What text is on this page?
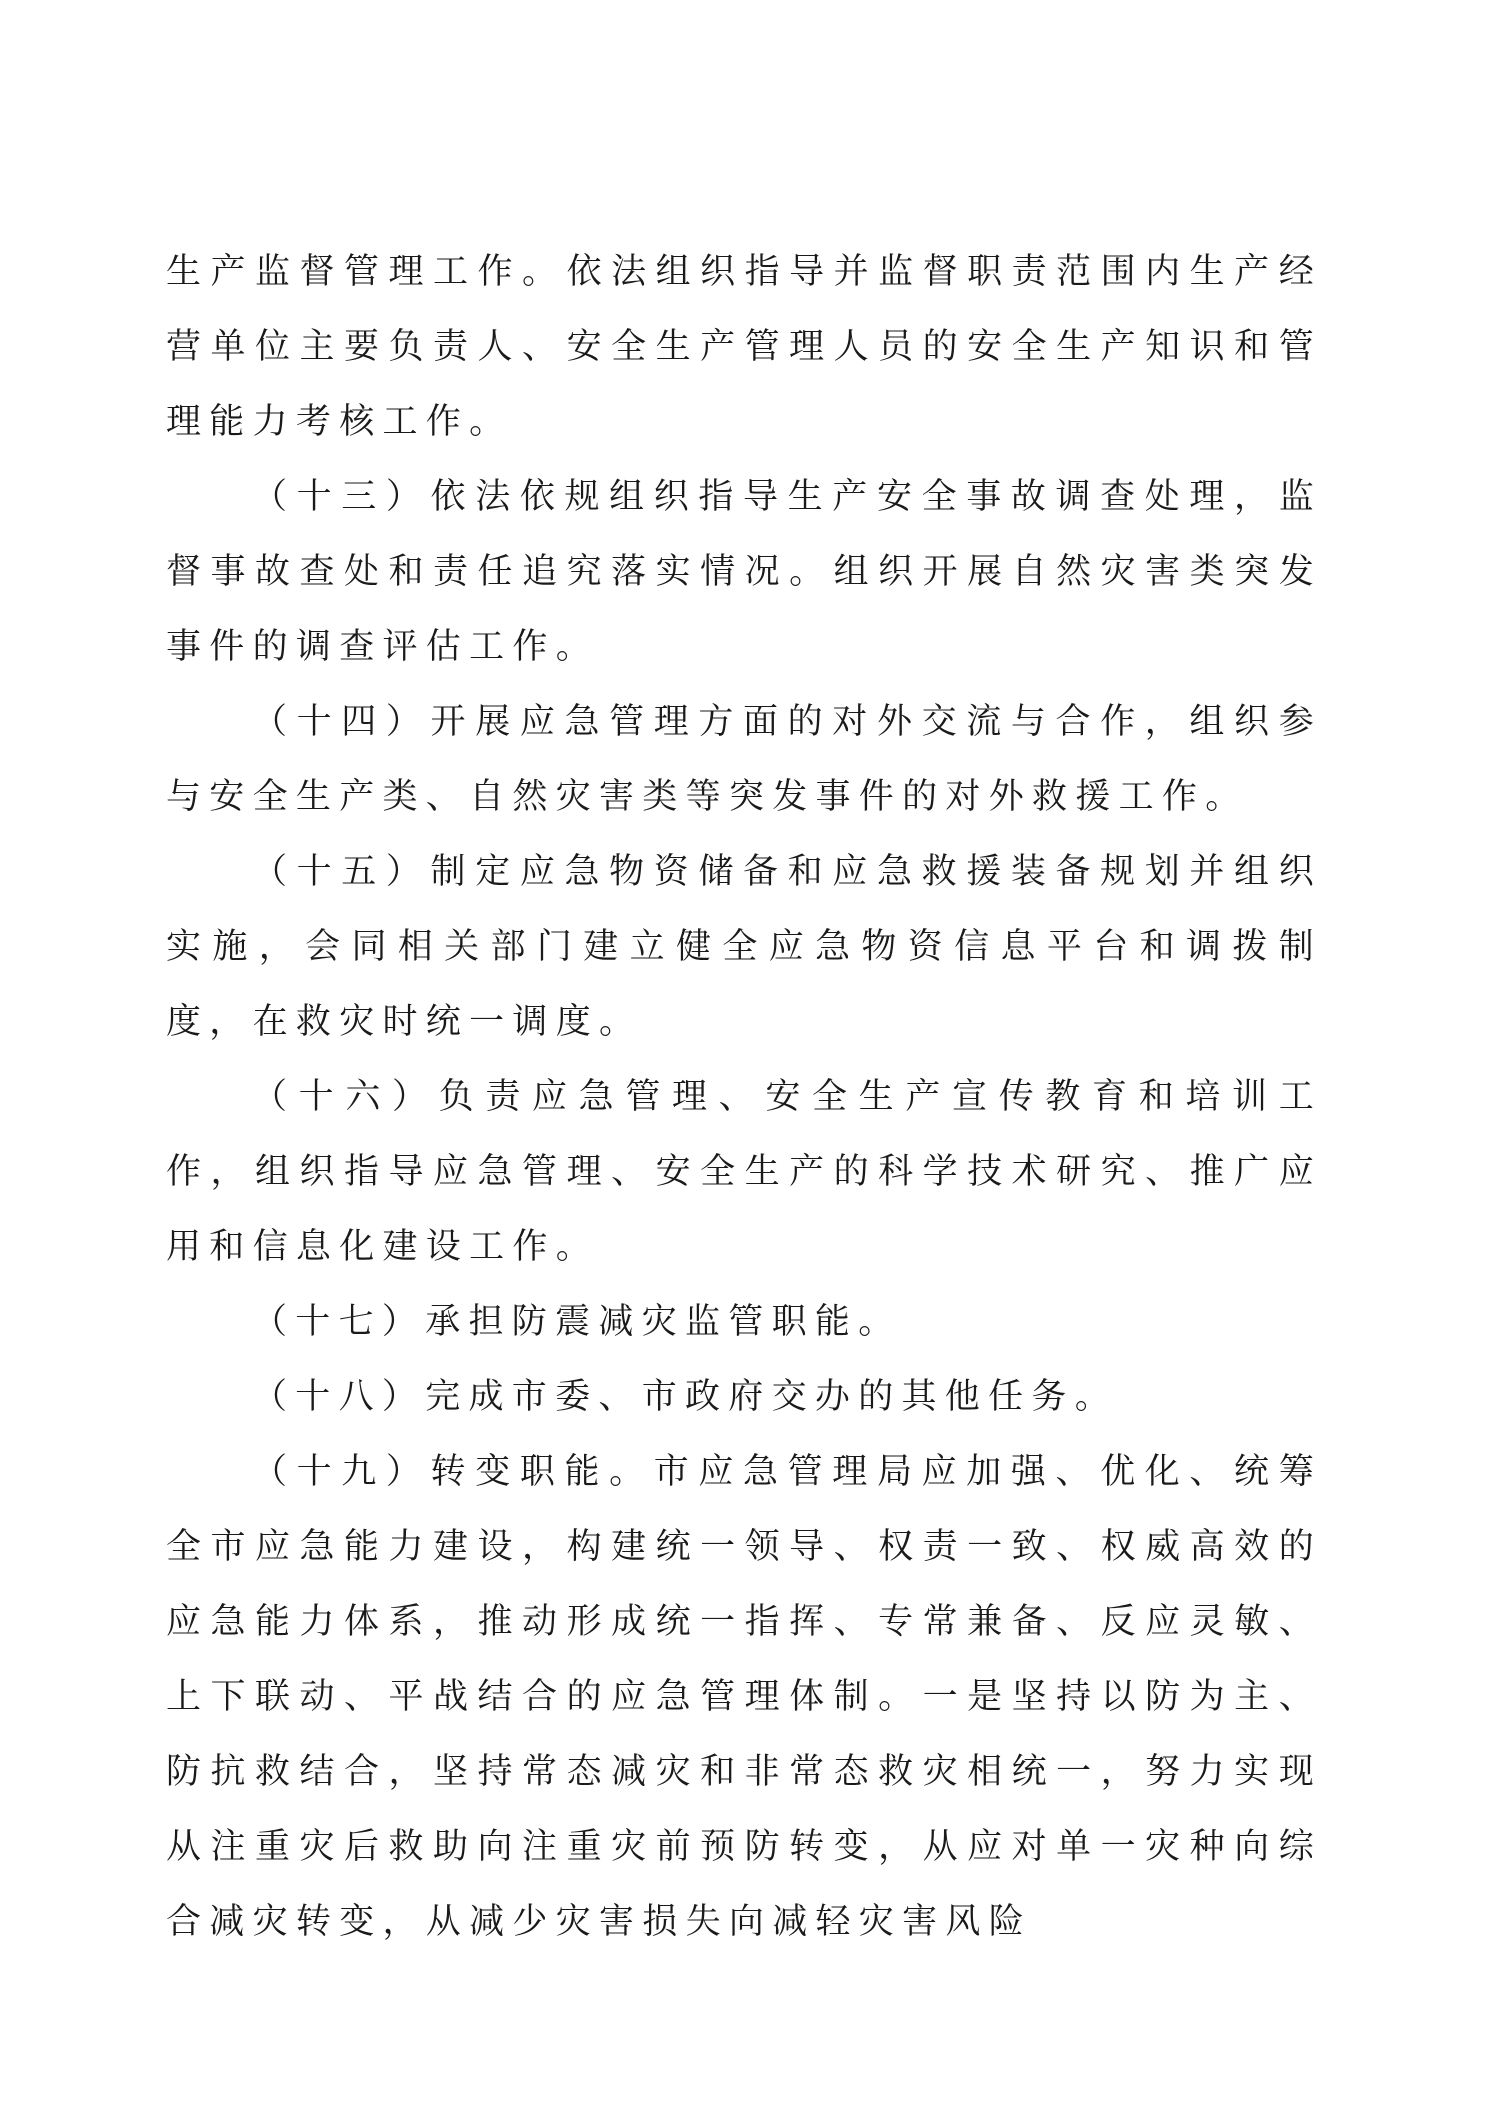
生产监督管理工作。依法组织指导并监督职责范围内生产经营单位主要负责人、安全生产管理人员的安全生产知识和管理能力考核工作。

（十三）依法依规组织指导生产安全事故调查处理，监督事故查处和责任追究落实情况。组织开展自然灾害类突发事件的调查评估工作。

（十四）开展应急管理方面的对外交流与合作，组织参与安全生产类、自然灾害类等突发事件的对外救援工作。

（十五）制定应急物资储备和应急救援装备规划并组织实施，会同相关部门建立健全应急物资信息平台和调拨制度，在救灾时统一调度。

（十六）负责应急管理、安全生产宣传教育和培训工作，组织指导应急管理、安全生产的科学技术研究、推广应用和信息化建设工作。

（十七）承担防震减灾监管职能。

（十八）完成市委、市政府交办的其他任务。

（十九）转变职能。市应急管理局应加强、优化、统筹全市应急能力建设，构建统一领导、权责一致、权威高效的应急能力体系，推动形成统一指挥、专常兼备、反应灵敏、上下联动、平战结合的应急管理体制。一是坚持以防为主、防抗救结合，坚持常态减灾和非常态救灾相统一，努力实现从注重灾后救助向注重灾前预防转变，从应对单一灾种向综合减灾转变，从减少灾害损失向减轻灾害风险
